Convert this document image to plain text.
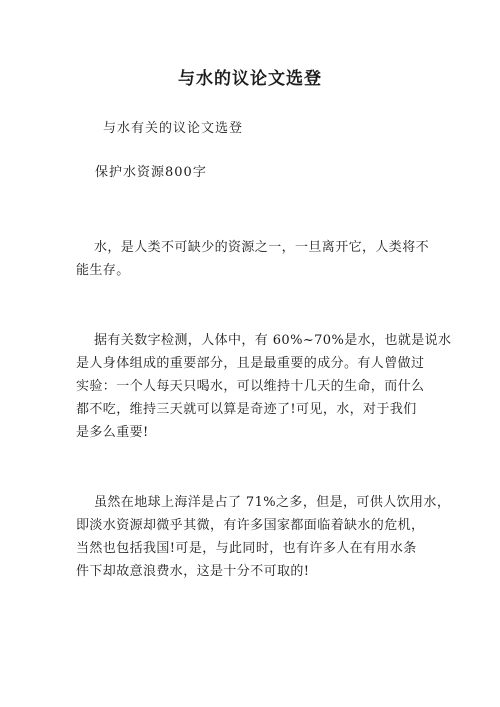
与水的议论文选登

与水有关的议论文选登

保护水资源800字

水，是人类不可缺少的资源之一，一旦离开它，人类将不
能生存。
据有关数字检测，人体中，有 60%~70%是水，也就是说水
是人身体组成的重要部分，且是最重要的成分。有人曾做过
实验：一个人每天只喝水，可以维持十几天的生命，而什么
都不吃，维持三天就可以算是奇迹了!可见，水，对于我们
是多么重要!
虽然在地球上海洋是占了 71%之多，但是，可供人饮用水，
即淡水资源却微乎其微，有许多国家都面临着缺水的危机，
当然也包括我国!可是，与此同时，也有许多人在有用水条
件下却故意浪费水，这是十分不可取的!
